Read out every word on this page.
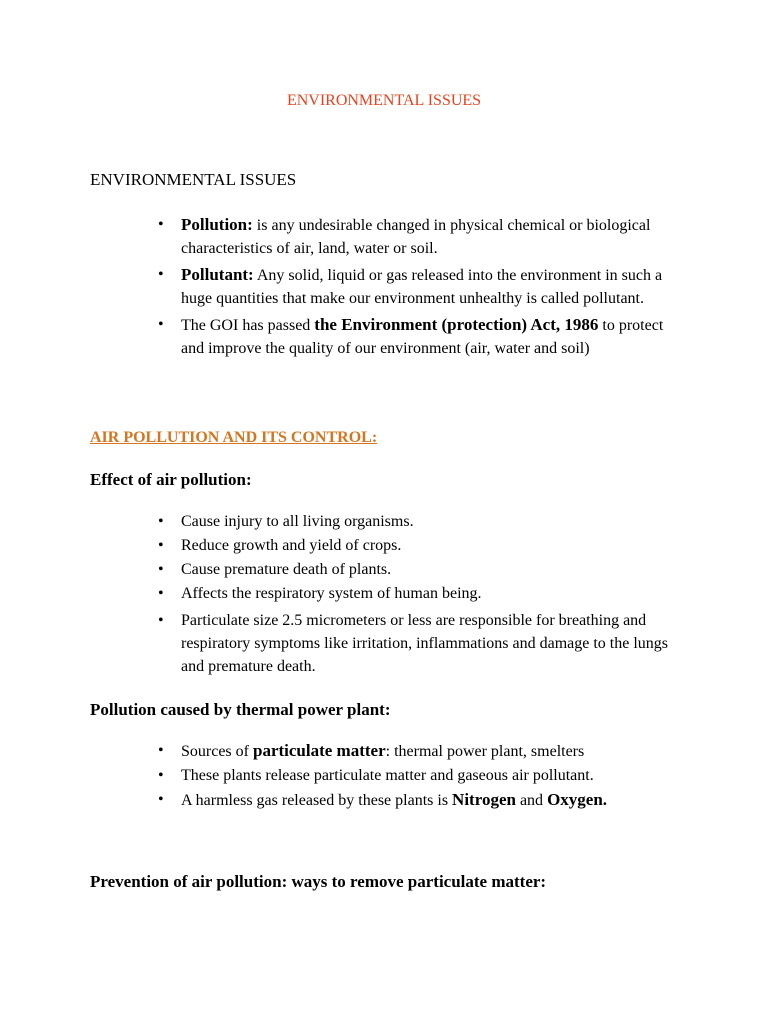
ENVIRONMENTAL ISSUES
ENVIRONMENTAL ISSUES
• Pollution: is any undesirable changed in physical chemical or biological characteristics of air, land, water or soil.
• Pollutant: Any solid, liquid or gas released into the environment in such a huge quantities that make our environment unhealthy is called pollutant.
• The GOI has passed the Environment (protection) Act, 1986 to protect and improve the quality of our environment (air, water and soil)
AIR POLLUTION AND ITS CONTROL:
Effect of air pollution:
• Cause injury to all living organisms.
• Reduce growth and yield of crops.
• Cause premature death of plants.
• Affects the respiratory system of human being.
• Particulate size 2.5 micrometers or less are responsible for breathing and respiratory symptoms like irritation, inflammations and damage to the lungs and premature death.
Pollution caused by thermal power plant:
• Sources of particulate matter: thermal power plant, smelters
• These plants release particulate matter and gaseous air pollutant.
• A harmless gas released by these plants is Nitrogen and Oxygen.
Prevention of air pollution: ways to remove particulate matter:
